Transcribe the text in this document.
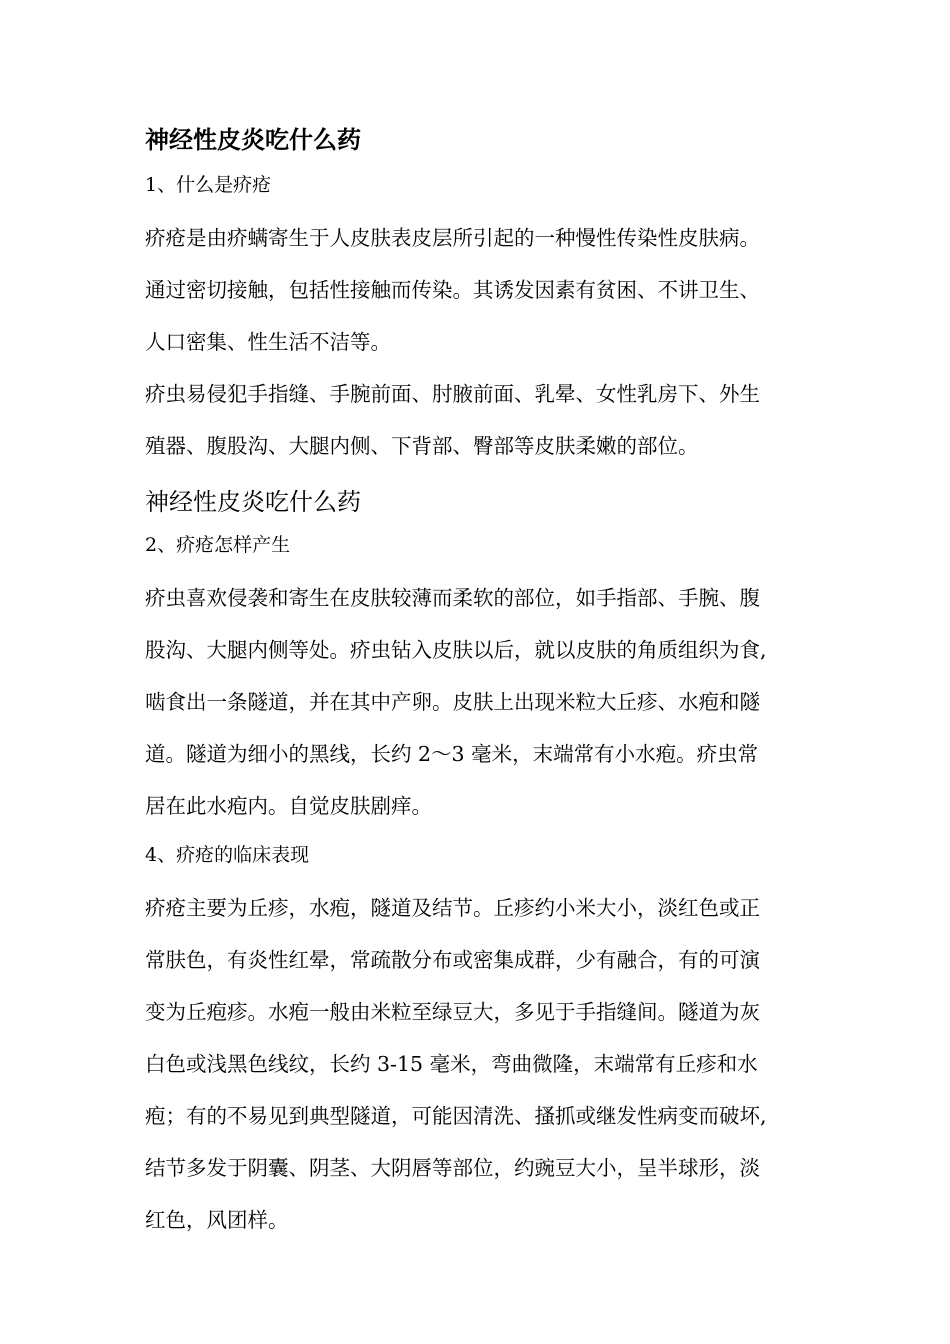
神经性皮炎吃什么药
1、什么是疥疮
疥疮是由疥螨寄生于人皮肤表皮层所引起的一种慢性传染性皮肤病。
通过密切接触，包括性接触而传染。其诱发因素有贫困、不讲卫生、
人口密集、性生活不洁等。
疥虫易侵犯手指缝、手腕前面、肘腋前面、乳晕、女性乳房下、外生
殖器、腹股沟、大腿内侧、下背部、臀部等皮肤柔嫩的部位。
神经性皮炎吃什么药
2、疥疮怎样产生
疥虫喜欢侵袭和寄生在皮肤较薄而柔软的部位，如手指部、手腕、腹
股沟、大腿内侧等处。疥虫钻入皮肤以后，就以皮肤的角质组织为食,
啮食出一条隧道，并在其中产卵。皮肤上出现米粒大丘疹、水疱和隧
道。隧道为细小的黑线，长约 2～3 毫米，末端常有小水疱。疥虫常
居在此水疱内。自觉皮肤剧痒。
4、疥疮的临床表现
疥疮主要为丘疹，水疱，隧道及结节。丘疹约小米大小，淡红色或正
常肤色，有炎性红晕，常疏散分布或密集成群，少有融合，有的可演
变为丘疱疹。水疱一般由米粒至绿豆大，多见于手指缝间。隧道为灰
白色或浅黑色线纹，长约 3-15 毫米，弯曲微隆，末端常有丘疹和水
疱；有的不易见到典型隧道，可能因清洗、搔抓或继发性病变而破坏,
结节多发于阴囊、阴茎、大阴唇等部位，约豌豆大小，呈半球形，淡
红色，风团样。
